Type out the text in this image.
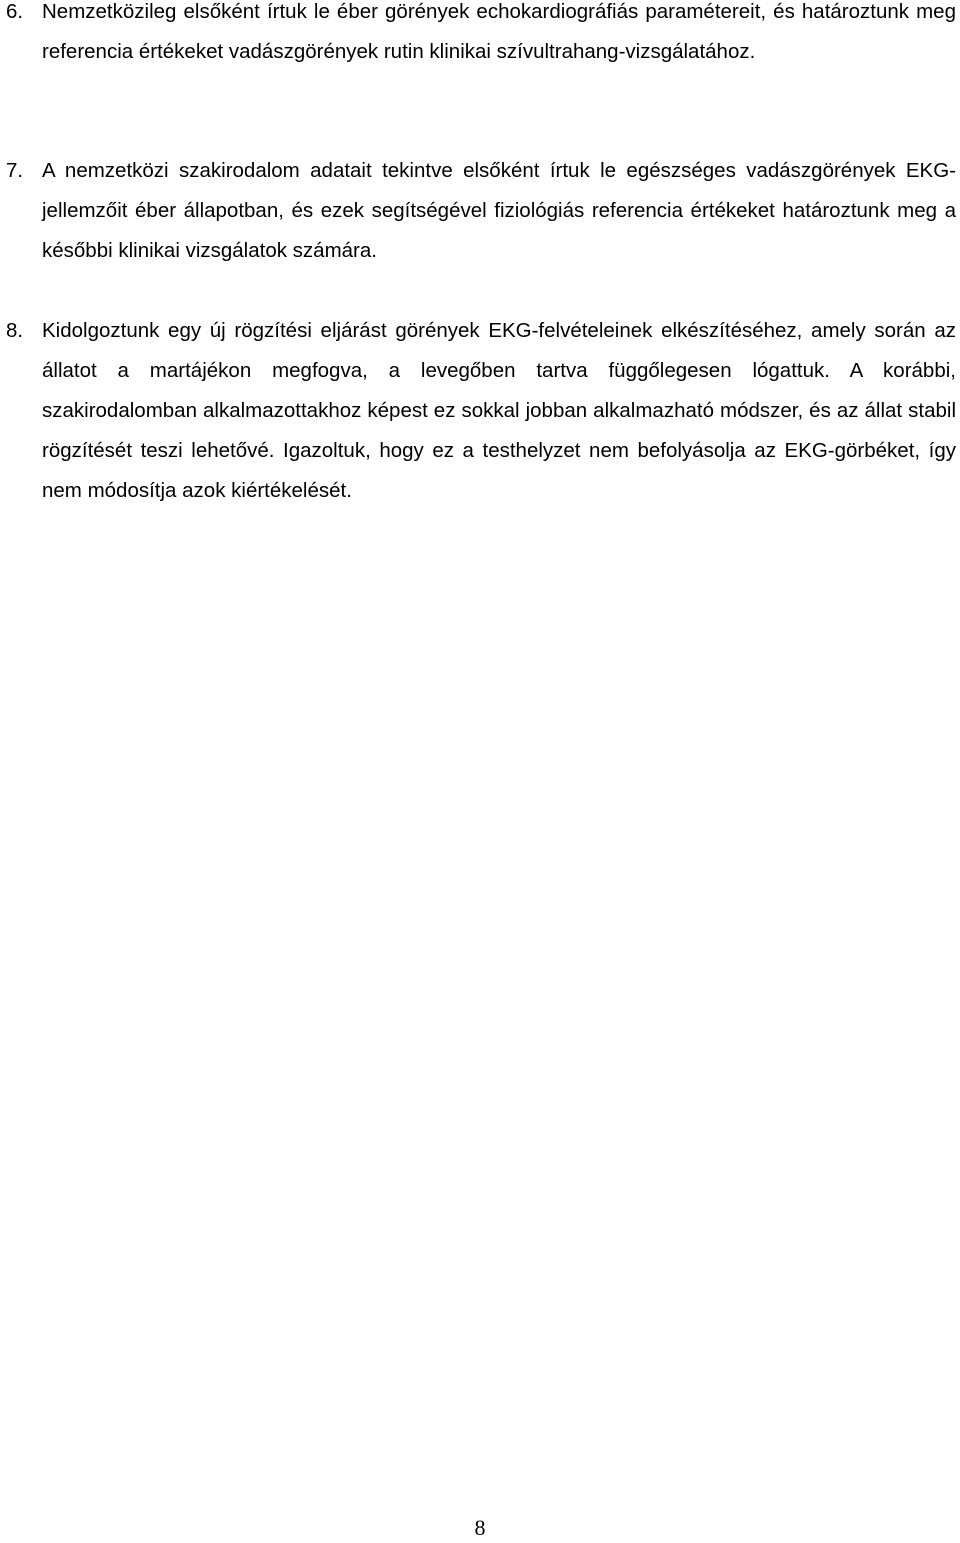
6. Nemzetközileg elsőként írtuk le éber görények echokardiográfiás paramétereit, és határoztunk meg referencia értékeket vadászgörények rutin klinikai szívultrahang-vizsgálatához.
7. A nemzetközi szakirodalom adatait tekintve elsőként írtuk le egészséges vadászgörények EKG-jellemzőit éber állapotban, és ezek segítségével fiziológiás referencia értékeket határoztunk meg a későbbi klinikai vizsgálatok számára.
8. Kidolgoztunk egy új rögzítési eljárást görények EKG-felvételeinek elkészítéséhez, amely során az állatot a martájékon megfogva, a levegőben tartva függőlegesen lógattuk. A korábbi, szakirodalomban alkalmazottakhoz képest ez sokkal jobban alkalmazható módszer, és az állat stabil rögzítését teszi lehetővé. Igazoltuk, hogy ez a testhelyzet nem befolyásolja az EKG-görbéket, így nem módosítja azok kiértékelését.
8
